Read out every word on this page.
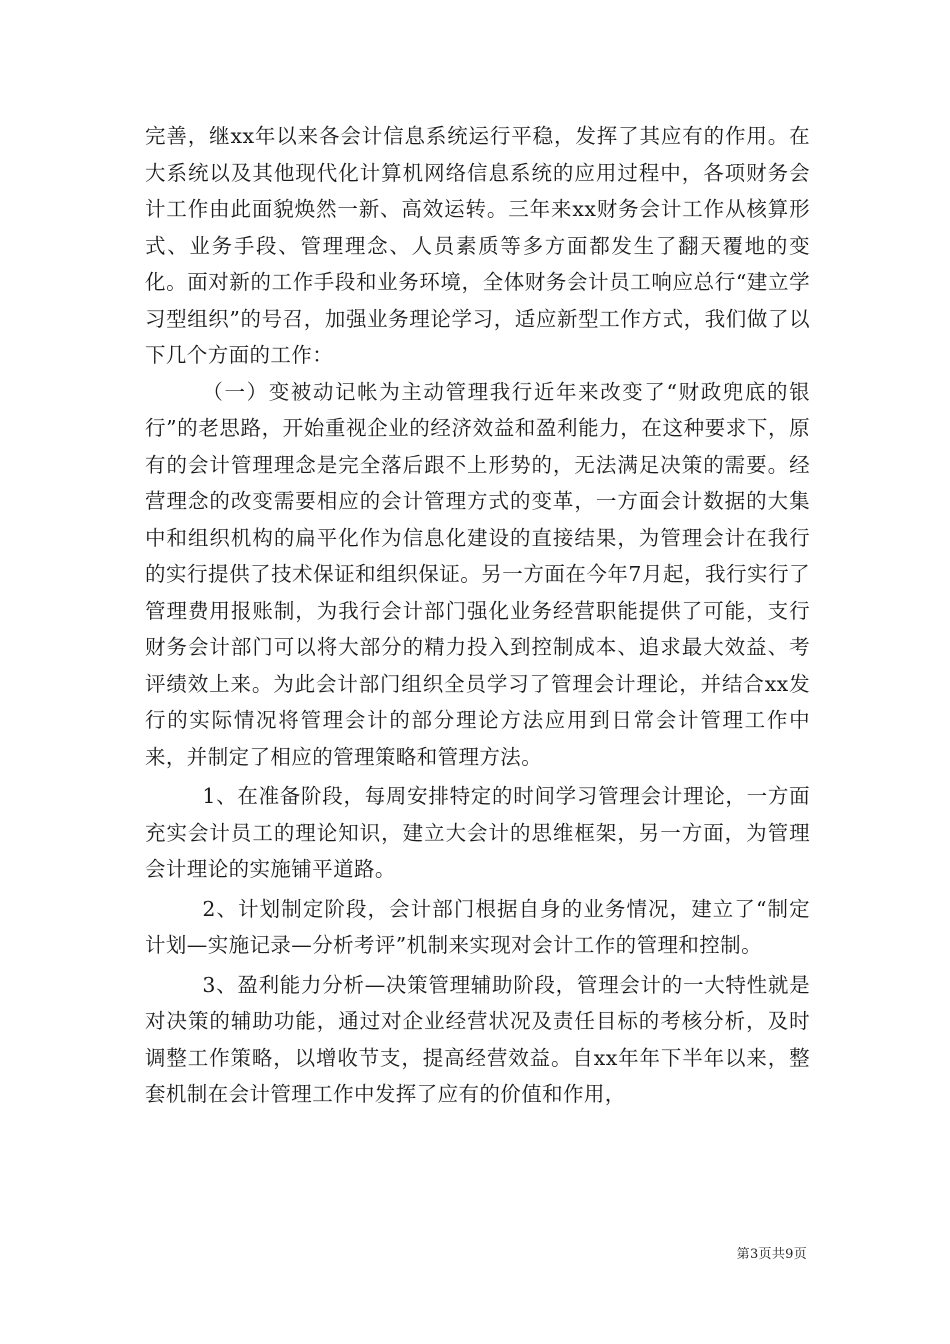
完善，继xx年以来各会计信息系统运行平稳，发挥了其应有的作用。在大系统以及其他现代化计算机网络信息系统的应用过程中，各项财务会计工作由此面貌焕然一新、高效运转。三年来xx财务会计工作从核算形式、业务手段、管理理念、人员素质等多方面都发生了翻天覆地的变化。面对新的工作手段和业务环境，全体财务会计员工响应总行“建立学习型组织”的号召，加强业务理论学习，适应新型工作方式，我们做了以下几个方面的工作：

（一）变被动记帐为主动管理我行近年来改变了“财政兜底的银行”的老思路，开始重视企业的经济效益和盈利能力，在这种要求下，原有的会计管理理念是完全落后跟不上形势的，无法满足决策的需要。经营理念的改变需要相应的会计管理方式的变革，一方面会计数据的大集中和组织机构的扁平化作为信息化建设的直接结果，为管理会计在我行的实行提供了技术保证和组织保证。另一方面在今年7月起，我行实行了管理费用报账制，为我行会计部门强化业务经营职能提供了可能，支行财务会计部门可以将大部分的精力投入到控制成本、追求最大效益、考评绩效上来。为此会计部门组织全员学习了管理会计理论，并结合xx发行的实际情况将管理会计的部分理论方法应用到日常会计管理工作中来，并制定了相应的管理策略和管理方法。

1、在准备阶段，每周安排特定的时间学习管理会计理论，一方面充实会计员工的理论知识，建立大会计的思维框架，另一方面，为管理会计理论的实施铺平道路。

2、计划制定阶段，会计部门根据自身的业务情况，建立了“制定计划—实施记录—分析考评”机制来实现对会计工作的管理和控制。

3、盈利能力分析—决策管理辅助阶段，管理会计的一大特性就是对决策的辅助功能，通过对企业经营状况及责任目标的考核分析，及时调整工作策略，以增收节支，提高经营效益。自xx年年下半年以来，整套机制在会计管理工作中发挥了应有的价值和作用，

第3页共9页
